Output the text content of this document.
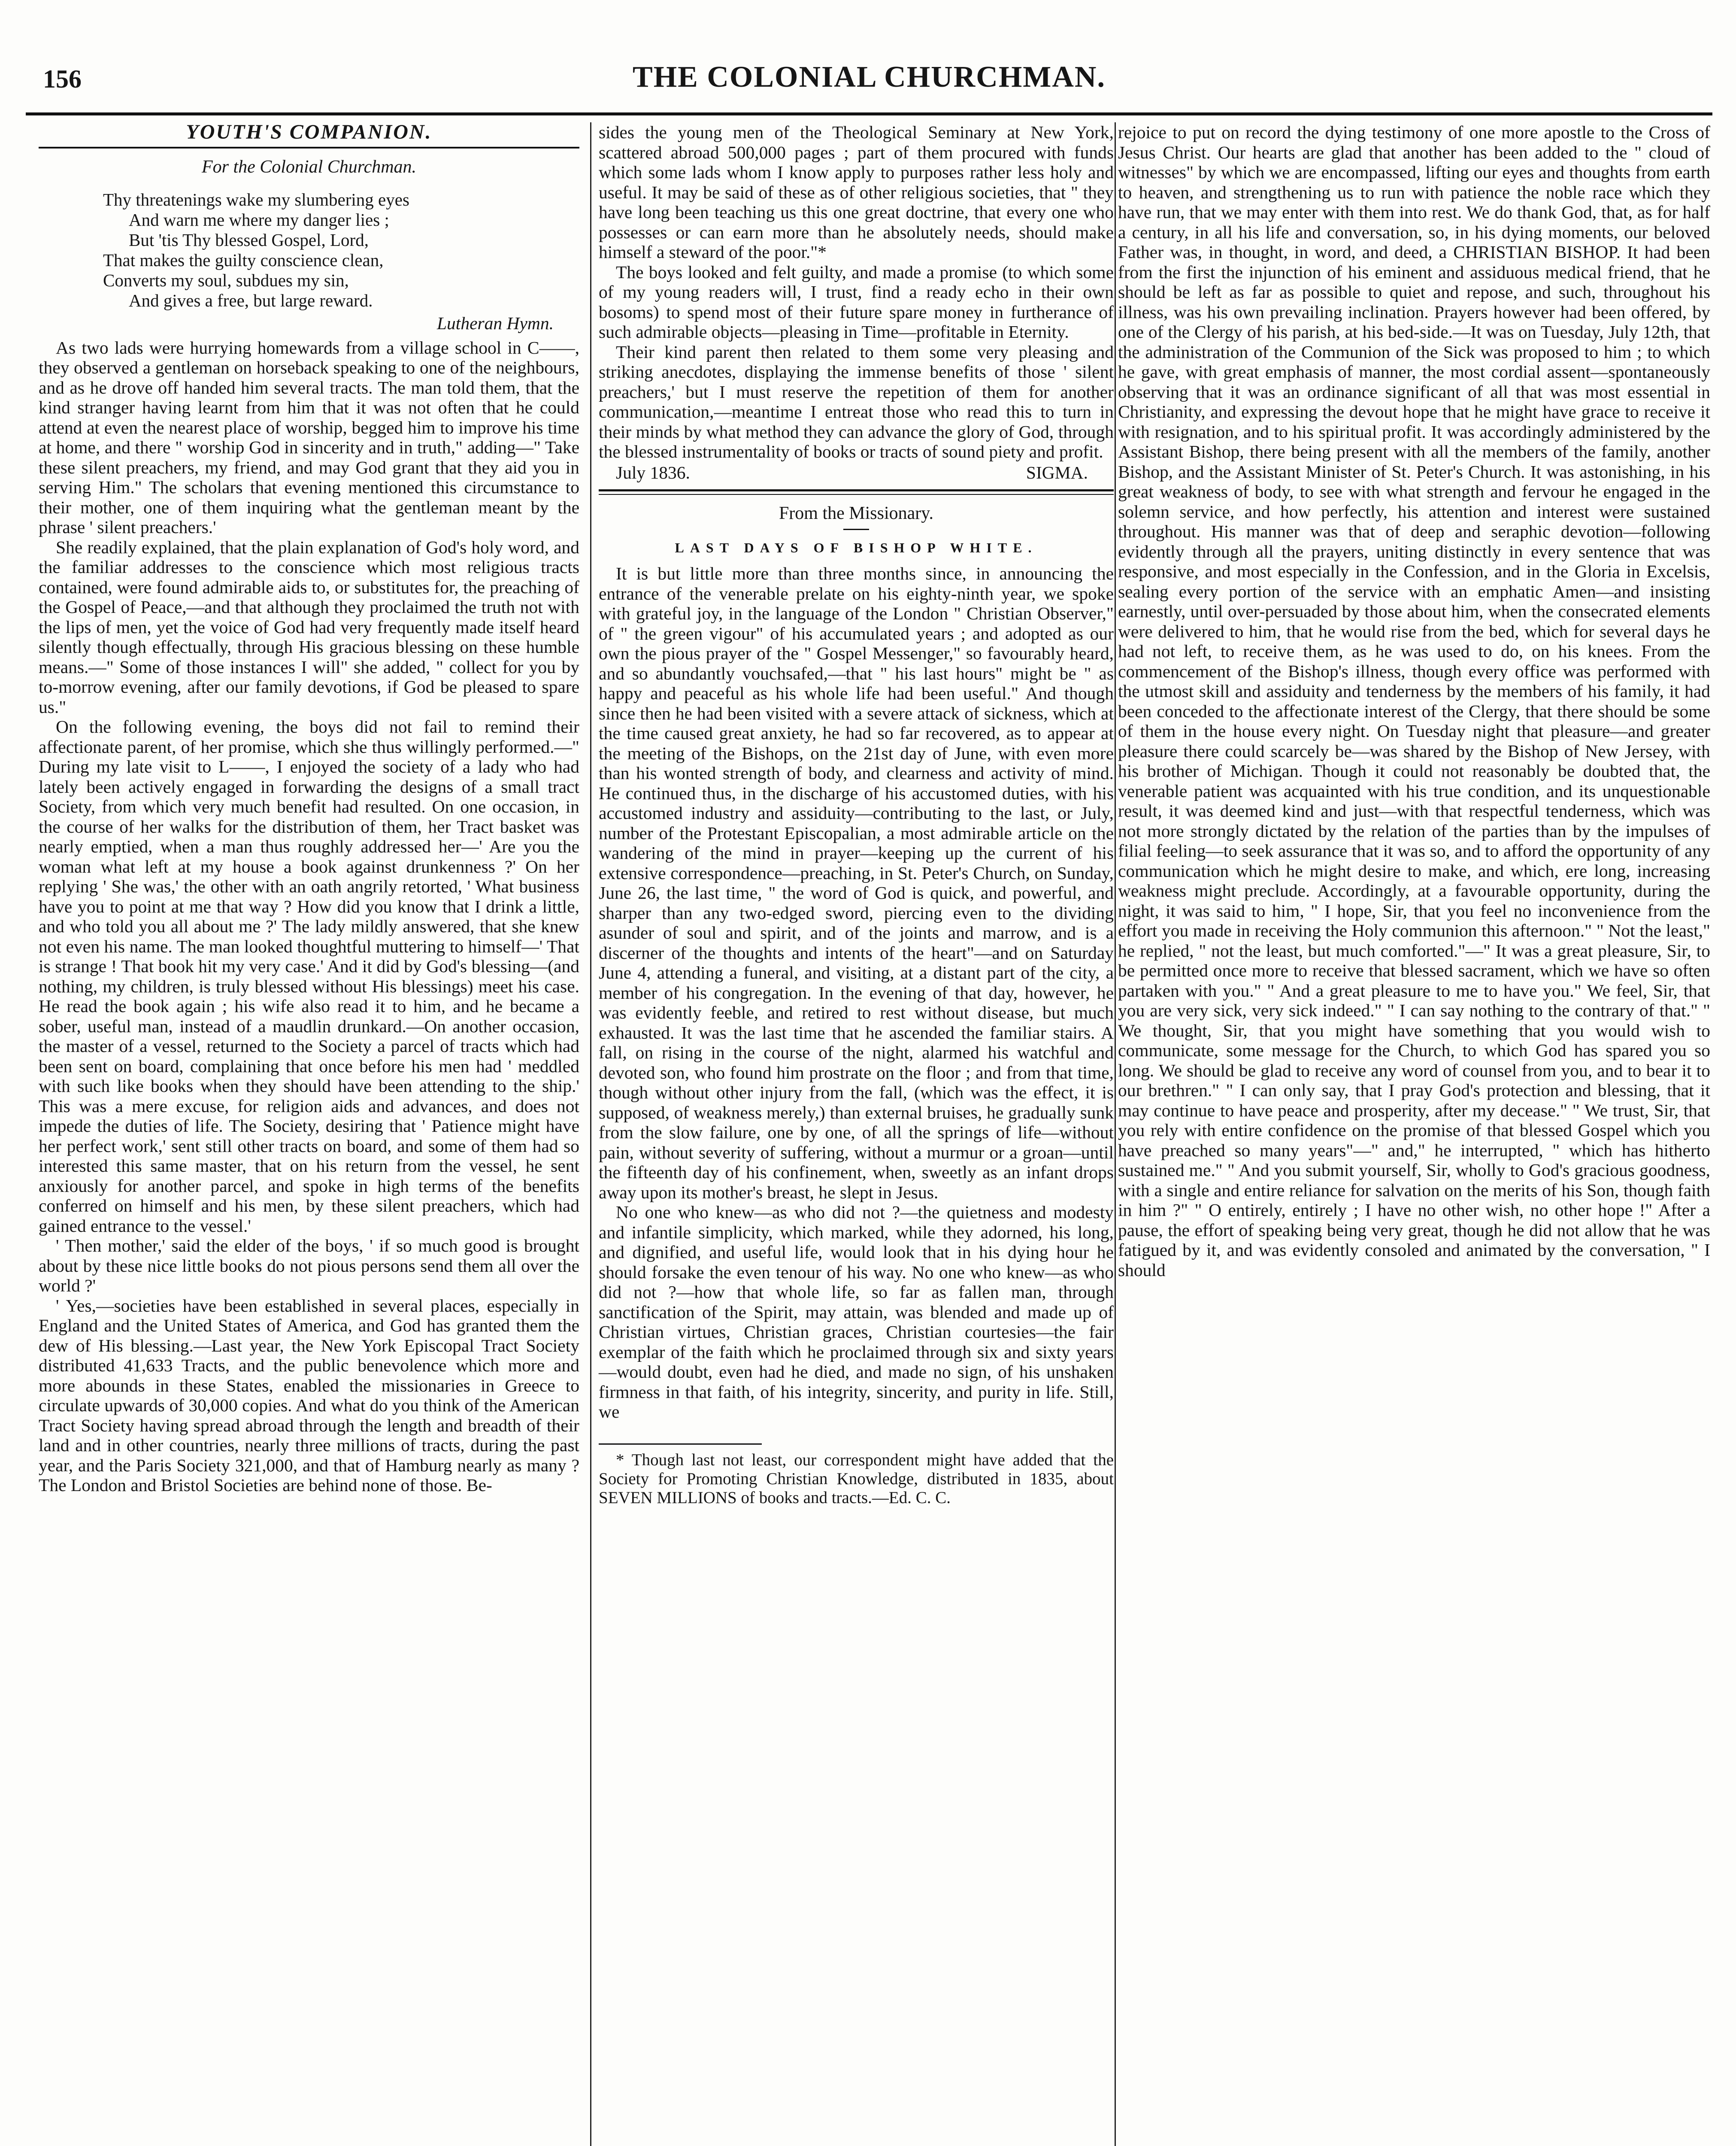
156	THE COLONIAL CHURCHMAN.
YOUTH'S COMPANION.
For the Colonial Churchman.
Thy threatenings wake my slumbering eyes
And warn me where my danger lies ;
But 'tis Thy blessed Gospel, Lord,
That makes the guilty conscience clean,
Converts my soul, subdues my sin,
And gives a free, but large reward.
Lutheran Hymn.

As two lads were hurrying homewards from a village school in C——, they observed a gentleman on horseback speaking to one of the neighbours, and as he drove off handed him several tracts. The man told them, that the kind stranger having learnt from him that it was not often that he could attend at even the nearest place of worship, begged him to improve his time at home, and there " worship God in sincerity and in truth," adding—" Take these silent preachers, my friend, and may God grant that they aid you in serving Him." The scholars that evening mentioned this circumstance to their mother, one of them inquiring what the gentleman meant by the phrase ' silent preachers.'

She readily explained, that the plain explanation of God's holy word, and the familiar addresses to the conscience which most religious tracts contained, were found admirable aids to, or substitutes for, the preaching of the Gospel of Peace,—and that although they proclaimed the truth not with the lips of men, yet the voice of God had very frequently made itself heard silently though effectually, through His gracious blessing on these humble means.—" Some of those instances I will" she added, " collect for you by to-morrow evening, after our family devotions, if God be pleased to spare us."

On the following evening, the boys did not fail to remind their affectionate parent, of her promise, which she thus willingly performed.—" During my late visit to L——, I enjoyed the society of a lady who had lately been actively engaged in forwarding the designs of a small tract Society, from which very much benefit had resulted. On one occasion, in the course of her walks for the distribution of them, her Tract basket was nearly emptied, when a man thus roughly addressed her—' Are you the woman what left at my house a book against drunkenness ?' On her replying ' She was,' the other with an oath angrily retorted, ' What business have you to point at me that way ? How did you know that I drink a little, and who told you all about me ?' The lady mildly answered, that she knew not even his name. The man looked thoughtful muttering to himself—' That is strange ! That book hit my very case.' And it did by God's blessing—(and nothing, my children, is truly blessed without His blessings) meet his case. He read the book again ; his wife also read it to him, and he became a sober, useful man, instead of a maudlin drunkard.—On another occasion, the master of a vessel, returned to the Society a parcel of tracts which had been sent on board, complaining that once before his men had ' meddled with such like books when they should have been attending to the ship.' This was a mere excuse, for religion aids and advances, and does not impede the duties of life. The Society, desiring that ' Patience might have her perfect work,' sent still other tracts on board, and some of them had so interested this same master, that on his return from the vessel, he sent anxiously for another parcel, and spoke in high terms of the benefits conferred on himself and his men, by these silent preachers, which had gained entrance to the vessel.'

' Then mother,' said the elder of the boys, ' if so much good is brought about by these nice little books do not pious persons send them all over the world ?'

' Yes,—societies have been established in several places, especially in England and the United States of America, and God has granted them the dew of His blessing.—Last year, the New York Episcopal Tract Society distributed 41,633 Tracts, and the public benevolence which more and more abounds in these States, enabled the missionaries in Greece to circulate upwards of 30,000 copies. And what do you think of the American Tract Society having spread abroad through the length and breadth of their land and in other countries, nearly three millions of tracts, during the past year, and the Paris Society 321,000, and that of Hamburg nearly as many ? The London and Bristol Societies are behind none of those. Be-

sides the young men of the Theological Seminary at New York, scattered abroad 500,000 pages ; part of them procured with funds which some lads whom I know apply to purposes rather less holy and useful. It may be said of these as of other religious societies, that " they have long been teaching us this one great doctrine, that every one who possesses or can earn more than he absolutely needs, should make himself a steward of the poor."*

The boys looked and felt guilty, and made a promise (to which some of my young readers will, I trust, find a ready echo in their own bosoms) to spend most of their future spare money in furtherance of such admirable objects—pleasing in Time—profitable in Eternity.

Their kind parent then related to them some very pleasing and striking anecdotes, displaying the immense benefits of those ' silent preachers,' but I must reserve the repetition of them for another communication,—meantime I entreat those who read this to turn in their minds by what method they can advance the glory of God, through the blessed instrumentality of books or tracts of sound piety and profit.

July 1836.	SIGMA.
From the Missionary.
LAST DAYS OF BISHOP WHITE.

It is but little more than three months since, in announcing the entrance of the venerable prelate on his eighty-ninth year, we spoke with grateful joy, in the language of the London " Christian Observer," of " the green vigour" of his accumulated years ; and adopted as our own the pious prayer of the " Gospel Messenger," so favourably heard, and so abundantly vouchsafed,—that " his last hours" might be " as happy and peaceful as his whole life had been useful." And though since then he had been visited with a severe attack of sickness, which at the time caused great anxiety, he had so far recovered, as to appear at the meeting of the Bishops, on the 21st day of June, with even more than his wonted strength of body, and clearness and activity of mind. He continued thus, in the discharge of his accustomed duties, with his accustomed industry and assiduity—contributing to the last, or July, number of the Protestant Episcopalian, a most admirable article on the wandering of the mind in prayer—keeping up the current of his extensive correspondence—preaching, in St. Peter's Church, on Sunday, June 26, the last time, " the word of God is quick, and powerful, and sharper than any two-edged sword, piercing even to the dividing asunder of soul and spirit, and of the joints and marrow, and is a discerner of the thoughts and intents of the heart"—and on Saturday June 4, attending a funeral, and visiting, at a distant part of the city, a member of his congregation. In the evening of that day, however, he was evidently feeble, and retired to rest without disease, but much exhausted. It was the last time that he ascended the familiar stairs. A fall, on rising in the course of the night, alarmed his watchful and devoted son, who found him prostrate on the floor ; and from that time, though without other injury from the fall, (which was the effect, it is supposed, of weakness merely,) than external bruises, he gradually sunk from the slow failure, one by one, of all the springs of life—without pain, without severity of suffering, without a murmur or a groan—until the fifteenth day of his confinement, when, sweetly as an infant drops away upon its mother's breast, he slept in Jesus.

No one who knew—as who did not ?—the quietness and modesty and infantile simplicity, which marked, while they adorned, his long, and dignified, and useful life, would look that in his dying hour he should forsake the even tenour of his way. No one who knew—as who did not ?—how that whole life, so far as fallen man, through sanctification of the Spirit, may attain, was blended and made up of Christian virtues, Christian graces, Christian courtesies—the fair exemplar of the faith which he proclaimed through six and sixty years—would doubt, even had he died, and made no sign, of his unshaken firmness in that faith, of his integrity, sincerity, and purity in life. Still, we

* Though last not least, our correspondent might have added that the Society for Promoting Christian Knowledge, distributed in 1835, about SEVEN MILLIONS of books and tracts.—Ed. C. C.

rejoice to put on record the dying testimony of one more apostle to the Cross of Jesus Christ. Our hearts are glad that another has been added to the " cloud of witnesses" by which we are encompassed, lifting our eyes and thoughts from earth to heaven, and strengthening us to run with patience the noble race which they have run, that we may enter with them into rest. We do thank God, that, as for half a century, in all his life and conversation, so, in his dying moments, our beloved Father was, in thought, in word, and deed, a CHRISTIAN BISHOP. It had been from the first the injunction of his eminent and assiduous medical friend, that he should be left as far as possible to quiet and repose, and such, throughout his illness, was his own prevailing inclination. Prayers however had been offered, by one of the Clergy of his parish, at his bed-side.—It was on Tuesday, July 12th, that the administration of the Communion of the Sick was proposed to him ; to which he gave, with great emphasis of manner, the most cordial assent—spontaneously observing that it was an ordinance significant of all that was most essential in Christianity, and expressing the devout hope that he might have grace to receive it with resignation, and to his spiritual profit. It was accordingly administered by the Assistant Bishop, there being present with all the members of the family, another Bishop, and the Assistant Minister of St. Peter's Church. It was astonishing, in his great weakness of body, to see with what strength and fervour he engaged in the solemn service, and how perfectly, his attention and interest were sustained throughout. His manner was that of deep and seraphic devotion—following evidently through all the prayers, uniting distinctly in every sentence that was responsive, and most especially in the Confession, and in the Gloria in Excelsis, sealing every portion of the service with an emphatic Amen—and insisting earnestly, until over-persuaded by those about him, when the consecrated elements were delivered to him, that he would rise from the bed, which for several days he had not left, to receive them, as he was used to do, on his knees. From the commencement of the Bishop's illness, though every office was performed with the utmost skill and assiduity and tenderness by the members of his family, it had been conceded to the affectionate interest of the Clergy, that there should be some of them in the house every night. On Tuesday night that pleasure—and greater pleasure there could scarcely be—was shared by the Bishop of New Jersey, with his brother of Michigan. Though it could not reasonably be doubted that, the venerable patient was acquainted with his true condition, and its unquestionable result, it was deemed kind and just—with that respectful tenderness, which was not more strongly dictated by the relation of the parties than by the impulses of filial feeling—to seek assurance that it was so, and to afford the opportunity of any communication which he might desire to make, and which, ere long, increasing weakness might preclude. Accordingly, at a favourable opportunity, during the night, it was said to him, " I hope, Sir, that you feel no inconvenience from the effort you made in receiving the Holy communion this afternoon." " Not the least," he replied, " not the least, but much comforted."—" It was a great pleasure, Sir, to be permitted once more to receive that blessed sacrament, which we have so often partaken with you." " And a great pleasure to me to have you." We feel, Sir, that you are very sick, very sick indeed." " I can say nothing to the contrary of that." " We thought, Sir, that you might have something that you would wish to communicate, some message for the Church, to which God has spared you so long. We should be glad to receive any word of counsel from you, and to bear it to our brethren." " I can only say, that I pray God's protection and blessing, that it may continue to have peace and prosperity, after my decease." " We trust, Sir, that you rely with entire confidence on the promise of that blessed Gospel which you have preached so many years"—" and," he interrupted, " which has hitherto sustained me." " And you submit yourself, Sir, wholly to God's gracious goodness, with a single and entire reliance for salvation on the merits of his Son, though faith in him ?" " O entirely, entirely ; I have no other wish, no other hope !" After a pause, the effort of speaking being very great, though he did not allow that he was fatigued by it, and was evidently consoled and animated by the conversation, " I should
